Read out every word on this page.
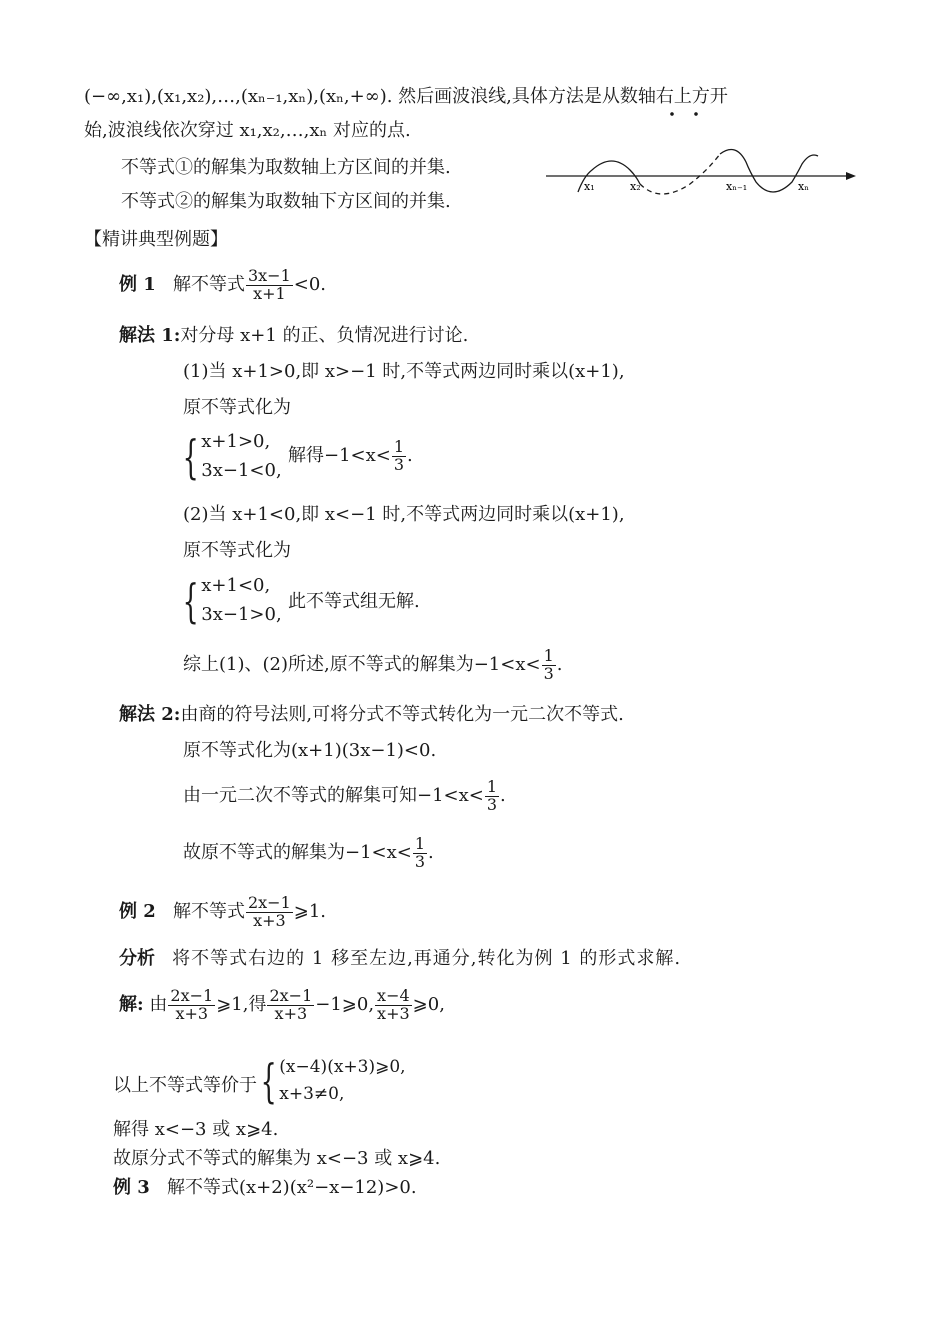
(−∞,x₁),(x₁,x₂),…,(xₙ₋₁,xₙ),(xₙ,+∞). 然后画波浪线,具体方法是从数轴右上方开
始,波浪线依次穿过 x₁,x₂,…,xₙ 对应的点.
不等式①的解集为取数轴上方区间的并集.
不等式②的解集为取数轴下方区间的并集.
x₁	x₂	xₙ₋₁	xₙ
【精讲典型例题】
例 1 解不等式 $\frac{3x-1}{x+1} <0$.
解法 1:对分母 x+1 的正、负情况进行讨论.
(1)当 x+1>0,即 x>−1 时,不等式两边同时乘以(x+1),
原不等式化为
{ x+1>0,
3x−1<0,
解得$-1<x< \frac{1}{3}$ .
(2)当 x+1<0,即 x<−1 时,不等式两边同时乘以(x+1),
原不等式化为
{ x+1<0,
3x−1>0,
此不等式组无解.
综上(1)、(2)所述,原不等式的解集为$-1<x< \frac{1}{3}$ .
解法 2:由商的符号法则,可将分式不等式转化为一元二次不等式.
原不等式化为(x+1)(3x−1)<0.
由一元二次不等式的解集可知$-1<x< \frac{1}{3}$ .
故原不等式的解集为$-1<x< \frac{1}{3}$ .
例 2 解不等式 $\frac{2x-1}{x+3}$ ⩾1.
分析 将不等式右边的 1 移至左边,再通分,转化为例 1 的形式求解.
解: 由 $\frac{2x-1}{x+3}$ ⩾1,得 $\frac{2x-1}{x+3}$ −1⩾0, $\frac{x-4}{x+3}$ ⩾0,
以上不等式等价于 { (x−4)(x+3)⩾0,
x+3≠0,
解得 x<−3 或 x⩾4.
故原分式不等式的解集为 x<−3 或 x⩾4.
例 3 解不等式(x+2)(x²−x−12)>0.
